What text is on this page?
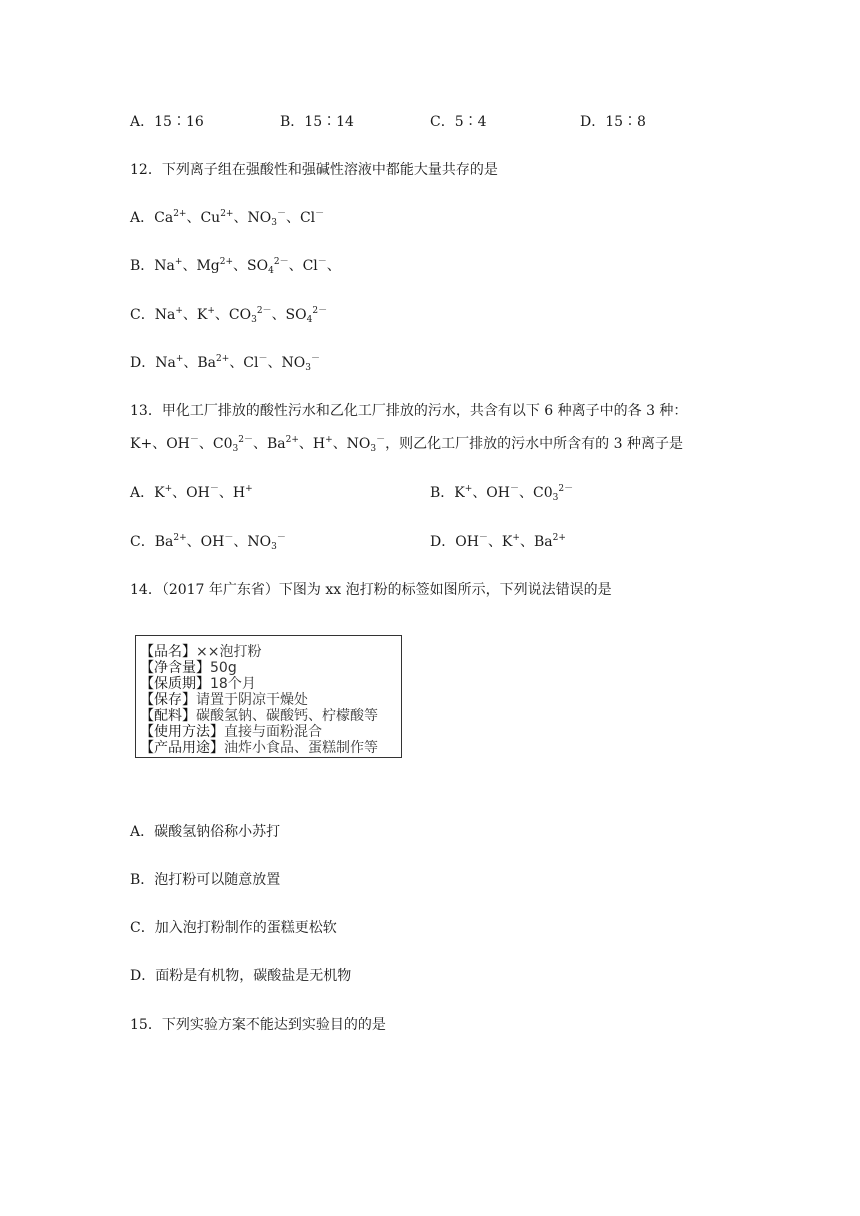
A．15∶16	B．15∶14	C．5∶4	D．15∶8
12．下列离子组在强酸性和强碱性溶液中都能大量共存的是
A．$Ca^{2+}$、$Cu^{2+}$、$NO_3^-$、Cl－
B．Na+、$Mg^{2+}$、$SO_4^{2-}$、Cl－、
C．Na+、K+、$CO_3^{2-}$、$SO_4^{2-}$
D．Na+、$Ba^{2+}$、Cl－、$NO_3^-$
13．甲化工厂排放的酸性污水和乙化工厂排放的污水，共含有以下 6 种离子中的各 3 种：
K+、OH－、$C0_3^{2-}$、$Ba^{2+}$、H+、$NO_3^-$，则乙化工厂排放的污水中所含有的 3 种离子是
A．K+、OH－、H+	B．K+、OH－、$C0_3^{2-}$
C．$Ba^{2+}$、OH－、$NO_3^-$	D．OH－、K+、$Ba^{2+}$
14．（2017 年广东省）下图为 xx 泡打粉的标签如图所示，下列说法错误的是
【品名】××泡打粉
【净含量】50g
【保质期】18个月
【保存】请置于阴凉干燥处
【配料】碳酸氢钠、碳酸钙、柠檬酸等
【使用方法】直接与面粉混合
【产品用途】油炸小食品、蛋糕制作等
A．碳酸氢钠俗称小苏打
B．泡打粉可以随意放置
C．加入泡打粉制作的蛋糕更松软
D．面粉是有机物，碳酸盐是无机物
15．下列实验方案不能达到实验目的的是
